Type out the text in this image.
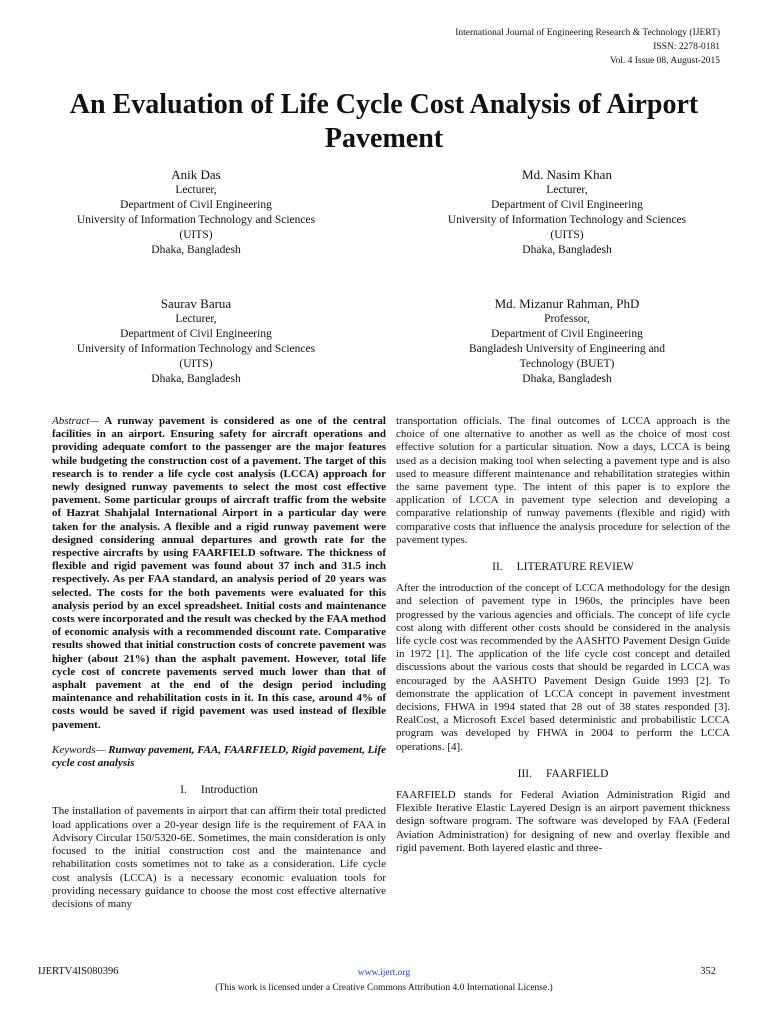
International Journal of Engineering Research & Technology (IJERT)
ISSN: 2278-0181
Vol. 4 Issue 08, August-2015
An Evaluation of Life Cycle Cost Analysis of Airport Pavement
Anik Das
Lecturer,
Department of Civil Engineering
University of Information Technology and Sciences (UITS)
Dhaka, Bangladesh
Md. Nasim Khan
Lecturer,
Department of Civil Engineering
University of Information Technology and Sciences (UITS)
Dhaka, Bangladesh
Saurav Barua
Lecturer,
Department of Civil Engineering
University of Information Technology and Sciences (UITS)
Dhaka, Bangladesh
Md. Mizanur Rahman, PhD
Professor,
Department of Civil Engineering
Bangladesh University of Engineering and Technology (BUET)
Dhaka, Bangladesh

Abstract— A runway pavement is considered as one of the central facilities in an airport. Ensuring safety for aircraft operations and providing adequate comfort to the passenger are the major features while budgeting the construction cost of a pavement. The target of this research is to render a life cycle cost analysis (LCCA) approach for newly designed runway pavements to select the most cost effective pavement. Some particular groups of aircraft traffic from the website of Hazrat Shahjalal International Airport in a particular day were taken for the analysis. A flexible and a rigid runway pavement were designed considering annual departures and growth rate for the respective aircrafts by using FAARFIELD software. The thickness of flexible and rigid pavement was found about 37 inch and 31.5 inch respectively. As per FAA standard, an analysis period of 20 years was selected. The costs for the both pavements were evaluated for this analysis period by an excel spreadsheet. Initial costs and maintenance costs were incorporated and the result was checked by the FAA method of economic analysis with a recommended discount rate. Comparative results showed that initial construction costs of concrete pavement was higher (about 21%) than the asphalt pavement. However, total life cycle cost of concrete pavements served much lower than that of asphalt pavement at the end of the design period including maintenance and rehabilitation costs in it. In this case, around 4% of costs would be saved if rigid pavement was used instead of flexible pavement.

Keywords— Runway pavement, FAA, FAARFIELD, Rigid pavement, Life cycle cost analysis

I. Introduction

The installation of pavements in airport that can affirm their total predicted load applications over a 20-year design life is the requirement of FAA in Advisory Circular 150/5320-6E. Sometimes, the main consideration is only focused to the initial construction cost and the maintenance and rehabilitation costs sometimes not to take as a consideration. Life cycle cost analysis (LCCA) is a necessary economic evaluation tools for providing necessary guidance to choose the most cost effective alternative decisions of many

transportation officials. The final outcomes of LCCA approach is the choice of one alternative to another as well as the choice of most cost effective solution for a particular situation. Now a days, LCCA is being used as a decision making tool when selecting a pavement type and is also used to measure different maintenance and rehabilitation strategies within the same pavement type. The intent of this paper is to explore the application of LCCA in pavement type selection and developing a comparative relationship of runway pavements (flexible and rigid) with comparative costs that influence the analysis procedure for selection of the pavement types.

II. LITERATURE REVIEW

After the introduction of the concept of LCCA methodology for the design and selection of pavement type in 1960s, the principles have been progressed by the various agencies and officials. The concept of life cycle cost along with different other costs should be considered in the analysis life cycle cost was recommended by the AASHTO Pavement Design Guide in 1972 [1]. The application of the life cycle cost concept and detailed discussions about the various costs that should be regarded in LCCA was encouraged by the AASHTO Pavement Design Guide 1993 [2]. To demonstrate the application of LCCA concept in pavement investment decisions, FHWA in 1994 stated that 28 out of 38 states responded [3]. RealCost, a Microsoft Excel based deterministic and probabilistic LCCA program was developed by FHWA in 2004 to perform the LCCA operations. [4].

III. FAARFIELD

FAARFIELD stands for Federal Aviation Administration Rigid and Flexible Iterative Elastic Layered Design is an airport pavement thickness design software program. The software was developed by FAA (Federal Aviation Administration) for designing of new and overlay flexible and rigid pavement. Both layered elastic and three-

IJERTV4IS080396	www.ijert.org	352
(This work is licensed under a Creative Commons Attribution 4.0 International License.)
